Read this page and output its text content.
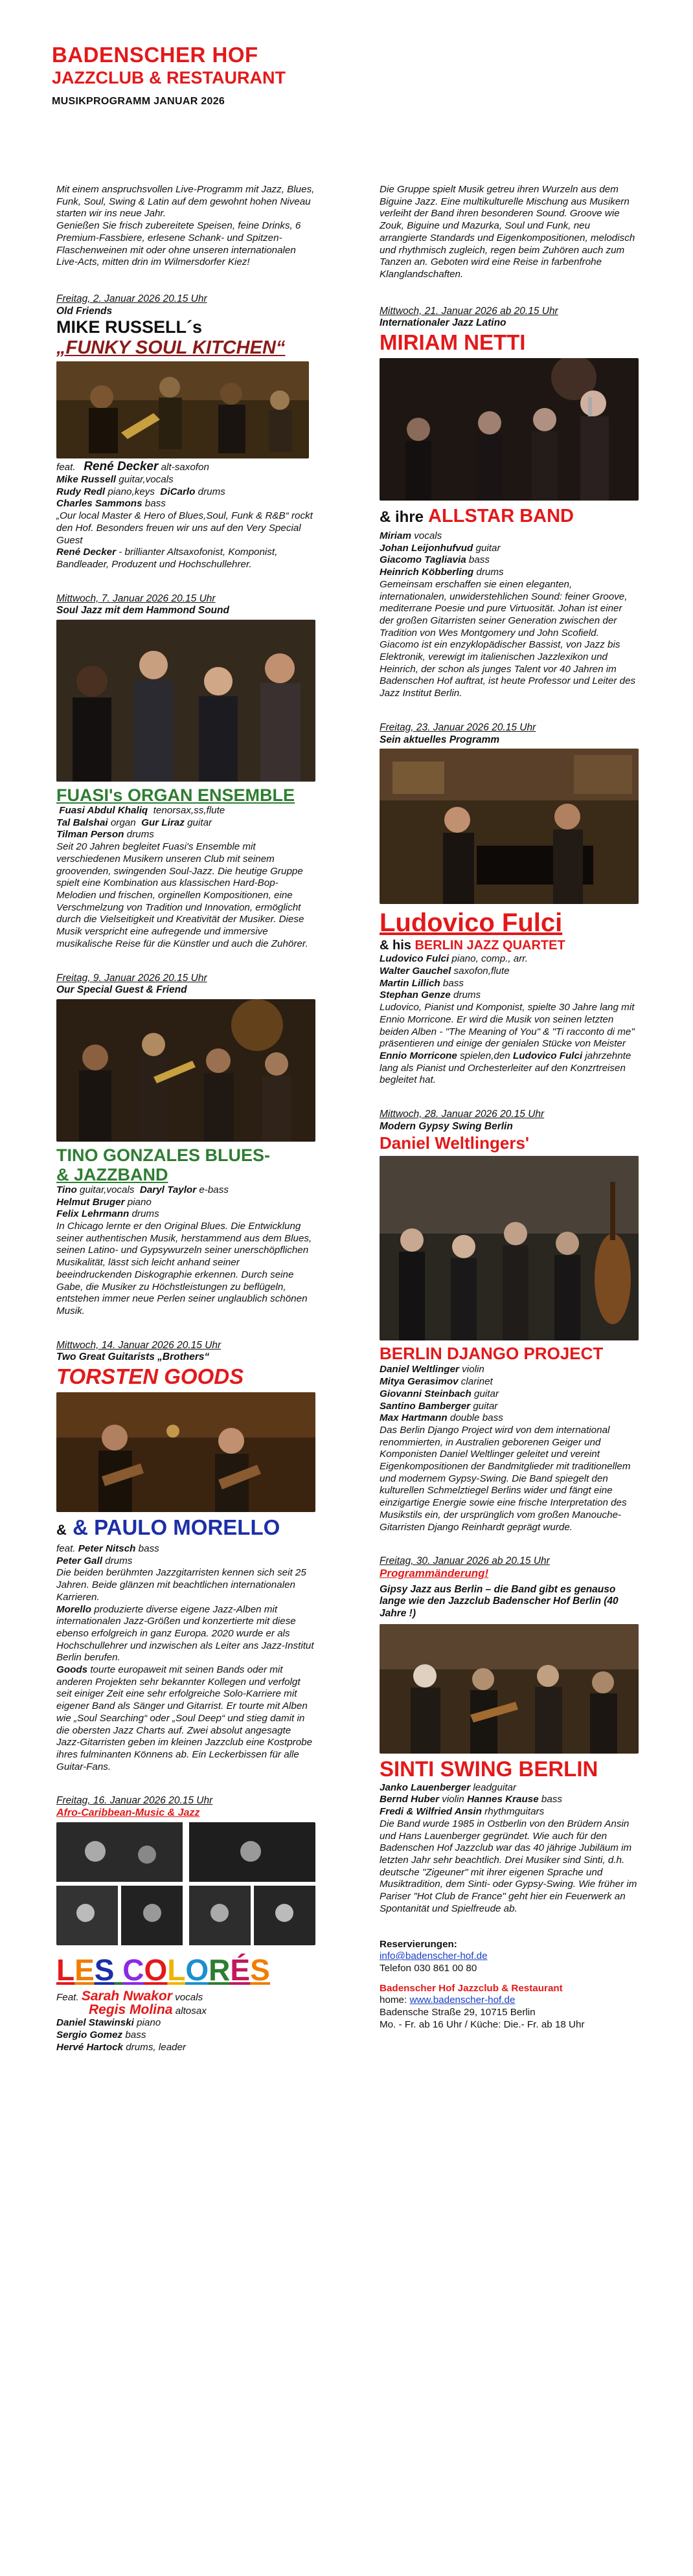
BADENSCHER HOF
JAZZCLUB & RESTAURANT
MUSIKPROGRAMM JANUAR 2026

Mit einem anspruchsvollen Live-Programm mit Jazz, Blues, Funk, Soul, Swing & Latin auf dem gewohnt hohen Niveau starten wir ins neue Jahr.

Genießen Sie frisch zubereitete Speisen, feine Drinks, 6 Premium-Fassbiere, erlesene Schank- und Spitzen-Flaschenweinen mit oder ohne unseren internationalen Live-Acts, mitten drin im Wilmersdorfer Kiez!

Freitag, 2. Januar 2026 20.15 Uhr
Old Friends
MIKE RUSSELL´s
„FUNKY SOUL KITCHEN“

feat. René Decker alt-saxofon

Mike Russell guitar,vocals

Rudy Redl piano,keys DiCarlo drums

Charles Sammons bass

„Our local Master & Hero of Blues,Soul, Funk & R&B“ rockt den Hof. Besonders freuen wir uns auf den Very Special Guest

René Decker - brillianter Altsaxofonist, Komponist, Bandleader, Produzent und Hochschullehrer.

Mittwoch, 7. Januar 2026 20.15 Uhr
Soul Jazz mit dem Hammond Sound
FUASI's ORGAN ENSEMBLE

Fuasi Abdul Khaliq tenorsax,ss,flute

Tal Balshai organ Gur Liraz guitar

Tilman Person drums

Seit 20 Jahren begleitet Fuasi's Ensemble mit verschiedenen Musikern unseren Club mit seinem groovenden, swingenden Soul-Jazz. Die heutige Gruppe spielt eine Kombination aus klassischen Hard-Bop-Melodien und frischen, orginellen Kompositionen, eine Verschmelzung von Tradition und Innovation, ermöglicht durch die Vielseitigkeit und Kreativität der Musiker. Diese Musik verspricht eine aufregende und immersive musikalische Reise für die Künstler und auch die Zuhörer.

Freitag, 9. Januar 2026 20.15 Uhr
Our Special Guest & Friend
TINO GONZALES BLUES-
& JAZZBAND

Tino guitar,vocals Daryl Taylor e-bass

Helmut Bruger piano

Felix Lehrmann drums

In Chicago lernte er den Original Blues. Die Entwicklung seiner authentischen Musik, herstammend aus dem Blues, seinen Latino- und Gypsywurzeln seiner unerschöpflichen Musikalität, lässt sich leicht anhand seiner beeindruckenden Diskographie erkennen. Durch seine Gabe, die Musiker zu Höchstleistungen zu beflügeln, entstehen immer neue Perlen seiner unglaublich schönen Musik.

Mittwoch, 14. Januar 2026 20.15 Uhr
Two Great Guitarists „Brothers“
TORSTEN GOODS
& & PAULO MORELLO

feat. Peter Nitsch bass

Peter Gall drums

Die beiden berühmten Jazzgitarristen kennen sich seit 25 Jahren. Beide glänzen mit beachtlichen internationalen Karrieren.

Morello produzierte diverse eigene Jazz-Alben mit internationalen Jazz-Größen und konzertierte mit diese ebenso erfolgreich in ganz Europa. 2020 wurde er als Hochschullehrer und inzwischen als Leiter ans Jazz-Institut Berlin berufen.

Goods tourte europaweit mit seinen Bands oder mit anderen Projekten sehr bekannter Kollegen und verfolgt seit einiger Zeit eine sehr erfolgreiche Solo-Karriere mit eigener Band als Sänger und Gitarrist. Er tourte mit Alben wie „Soul Searching“ oder „Soul Deep“ und stieg damit in die obersten Jazz Charts auf. Zwei absolut angesagte Jazz-Gitarristen geben im kleinen Jazzclub eine Kostprobe ihres fulminanten Könnens ab. Ein Leckerbissen für alle Guitar-Fans.

Freitag, 16. Januar 2026 20.15 Uhr
Afro-Caribbean-Music & Jazz
LES COLORÉS

Feat. Sarah Nwakor vocals

Regis Molina altosax

Daniel Stawinski piano

Sergio Gomez bass

Hervé Hartock drums, leader

Die Gruppe spielt Musik getreu ihren Wurzeln aus dem Biguine Jazz. Eine multikulturelle Mischung aus Musikern verleiht der Band ihren besonderen Sound. Groove wie Zouk, Biguine und Mazurka, Soul und Funk, neu arrangierte Standards und Eigenkompositionen, melodisch und rhythmisch zugleich, regen beim Zuhören auch zum Tanzen an. Geboten wird eine Reise in farbenfrohe Klanglandschaften.

Mittwoch, 21. Januar 2026 ab 20.15 Uhr
Internationaler Jazz Latino
MIRIAM NETTI
& ihre ALLSTAR BAND

Miriam vocals

Johan Leijonhufvud guitar

Giacomo Tagliavia bass

Heinrich Köbberling drums

Gemeinsam erschaffen sie einen eleganten, internationalen, unwiderstehlichen Sound: feiner Groove, mediterrane Poesie und pure Virtuosität. Johan ist einer der großen Gitarristen seiner Generation zwischen der Tradition von Wes Montgomery und John Scofield. Giacomo ist ein enzyklopädischer Bassist, von Jazz bis Elektronik, verewigt im italienischen Jazzlexikon und Heinrich, der schon als junges Talent vor 40 Jahren im Badenschen Hof auftrat, ist heute Professor und Leiter des Jazz Institut Berlin.

Freitag, 23. Januar 2026 20.15 Uhr
Sein aktuelles Programm
Ludovico Fulci
& his BERLIN JAZZ QUARTET

Ludovico Fulci piano, comp., arr.

Walter Gauchel saxofon,flute

Martin Lillich bass

Stephan Genze drums

Ludovico, Pianist und Komponist, spielte 30 Jahre lang mit Ennio Morricone. Er wird die Musik von seinen letzten beiden Alben - "The Meaning of You" & "Ti racconto di me" präsentieren und einige der genialen Stücke von Meister Ennio Morricone spielen,den Ludovico Fulci jahrzehnte lang als Pianist und Orchesterleiter auf den Konzrtreisen begleitet hat.

Mittwoch, 28. Januar 2026 20.15 Uhr
Modern Gypsy Swing Berlin
Daniel Weltlingers'
BERLIN DJANGO PROJECT

Daniel Weltlinger violin

Mitya Gerasimov clarinet

Giovanni Steinbach guitar

Santino Bamberger guitar

Max Hartmann double bass

Das Berlin Django Project wird von dem international renommierten, in Australien geborenen Geiger und Komponisten Daniel Weltlinger geleitet und vereint Eigenkompositionen der Bandmitglieder mit traditionellem und modernem Gypsy-Swing. Die Band spiegelt den kulturellen Schmelztiegel Berlins wider und fängt eine einzigartige Energie sowie eine frische Interpretation des Musikstils ein, der ursprünglich vom großen Manouche-Gitarristen Django Reinhardt geprägt wurde.

Freitag, 30. Januar 2026 ab 20.15 Uhr
Programmänderung!

Gipsy Jazz aus Berlin – die Band gibt es genauso lange wie den Jazzclub Badenscher Hof Berlin (40 Jahre !)

SINTI SWING BERLIN

Janko Lauenberger leadguitar

Bernd Huber violin Hannes Krause bass

Fredi & Wilfried Ansin rhythmguitars

Die Band wurde 1985 in Ostberlin von den Brüdern Ansin und Hans Lauenberger gegründet. Wie auch für den Badenschen Hof Jazzclub war das 40 jährige Jubiläum im letzten Jahr sehr beachtlich. Drei Musiker sind Sinti, d.h. deutsche "Zigeuner" mit ihrer eigenen Sprache und Musiktradition, dem Sinti- oder Gypsy-Swing. Wie früher im Pariser "Hot Club de France" geht hier ein Feuerwerk an Spontanität und Spielfreude ab.

Reservierungen:

info@badenscher-hof.de

Telefon 030 861 00 80

Badenscher Hof Jazzclub & Restaurant

home: www.badenscher-hof.de

Badensche Straße 29, 10715 Berlin

Mo. - Fr. ab 16 Uhr / Küche: Die.- Fr. ab 18 Uhr
